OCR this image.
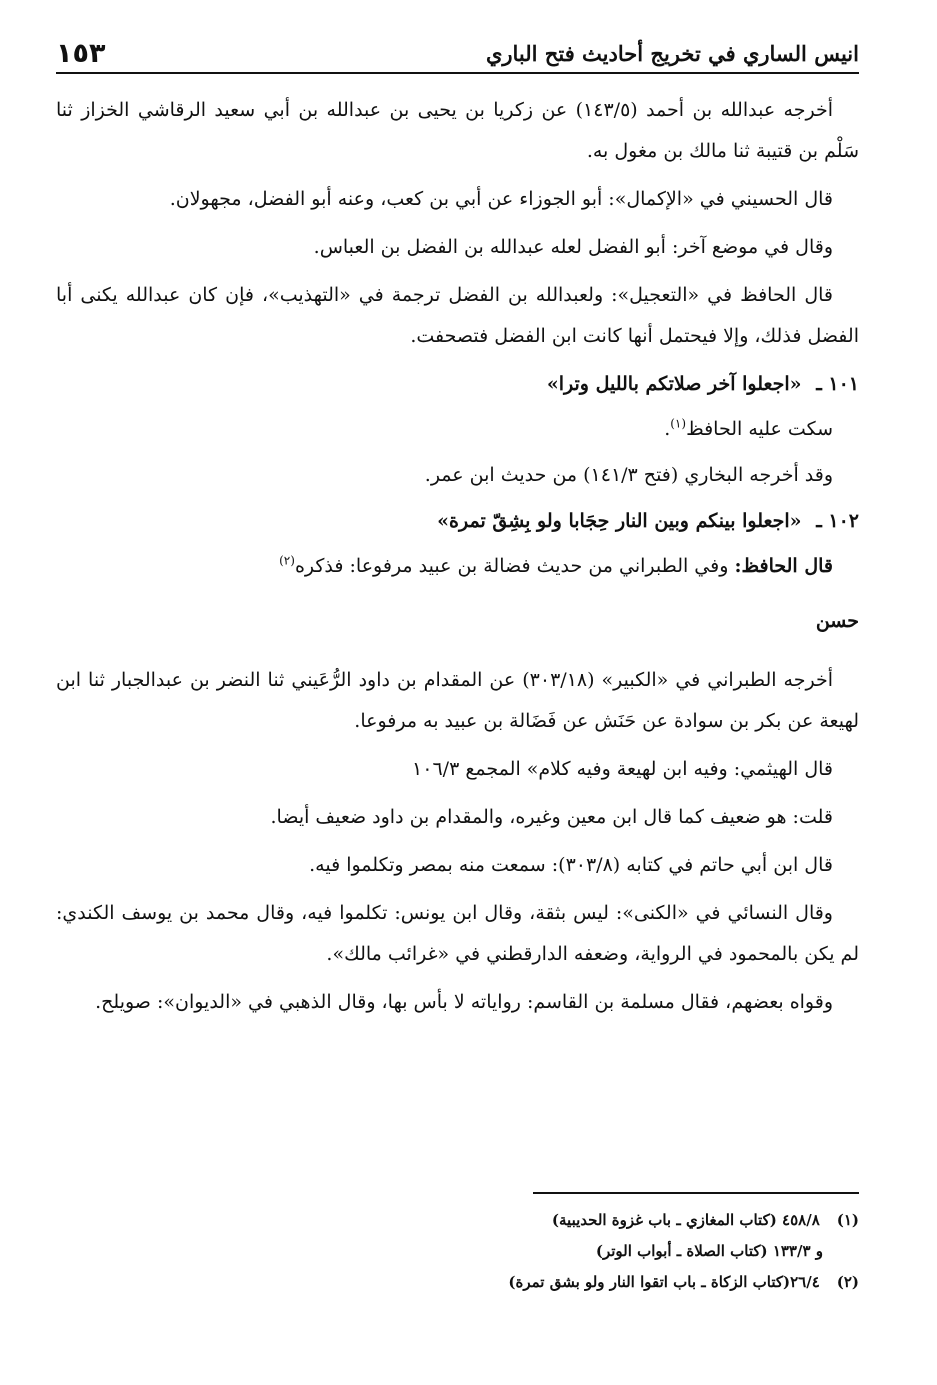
انيس الساري في تخريج أحاديث فتح الباري
١٥٣

أخرجه عبدالله بن أحمد (١٤٣/٥) عن زكريا بن يحيى بن عبدالله بن أبي سعيد الرقاشي الخزاز ثنا سَلْم بن قتيبة ثنا مالك بن مغول به.

قال الحسيني في «الإكمال»: أبو الجوزاء عن أبي بن كعب، وعنه أبو الفضل، مجهولان.

وقال في موضع آخر: أبو الفضل لعله عبدالله بن الفضل بن العباس.

قال الحافظ في «التعجيل»: ولعبدالله بن الفضل ترجمة في «التهذيب»، فإن كان عبدالله يكنى أبا الفضل فذلك، وإلا فيحتمل أنها كانت ابن الفضل فتصحفت.

١٠١ ـ «اجعلوا آخر صلاتكم بالليل وترا»

سكت عليه الحافظ$^{(١)}$.

وقد أخرجه البخاري (فتح ١٤١/٣) من حديث ابن عمر.

١٠٢ ـ «اجعلوا بينكم وبين النار حِجَابا ولو بِشِقّ تمرة»

قال الحافظ: وفي الطبراني من حديث فضالة بن عبيد مرفوعا: فذكره$^{(٢)}$

حسن

أخرجه الطبراني في «الكبير» (٣٠٣/١٨) عن المقدام بن داود الرُّعَيني ثنا النضر بن عبدالجبار ثنا ابن لهيعة عن بكر بن سوادة عن حَنَش عن فَضَالة بن عبيد به مرفوعا.

قال الهيثمي: وفيه ابن لهيعة وفيه كلام» المجمع ١٠٦/٣

قلت: هو ضعيف كما قال ابن معين وغيره، والمقدام بن داود ضعيف أيضا.

قال ابن أبي حاتم في كتابه (٣٠٣/٨): سمعت منه بمصر وتكلموا فيه.

وقال النسائي في «الكنى»: ليس بثقة، وقال ابن يونس: تكلموا فيه، وقال محمد بن يوسف الكندي: لم يكن بالمحمود في الرواية، وضعفه الدارقطني في «غرائب مالك».

وقواه بعضهم، فقال مسلمة بن القاسم: رواياته لا بأس بها، وقال الذهبي في «الديوان»: صويلح.

(١) ٤٥٨/٨ (كتاب المغازي ـ باب غزوة الحديبية)

و ١٣٣/٣ (كتاب الصلاة ـ أبواب الوتر)

(٢) ٢٦/٤(كتاب الزكاة ـ باب اتقوا النار ولو بشق تمرة)
